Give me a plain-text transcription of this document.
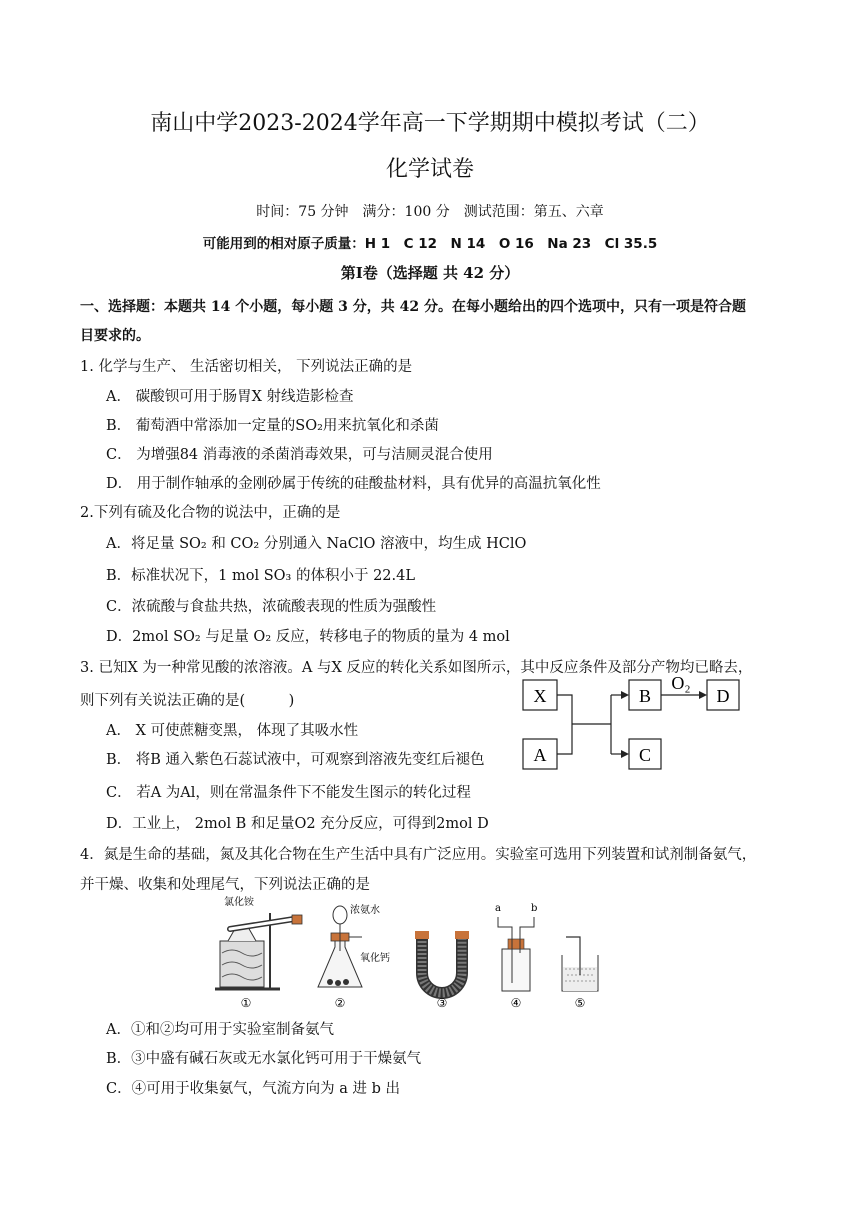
南山中学2023-2024学年高一下学期期中模拟考试（二）
化学试卷
时间：75 分钟　满分：100 分　测试范围：第五、六章
可能用到的相对原子质量：H 1　C 12　N 14　O 16　Na 23　Cl 35.5
第Ⅰ卷（选择题 共 42 分）
一、选择题：本题共 14 个小题，每小题 3 分，共 42 分。在每小题给出的四个选项中，只有一项是符合题
目要求的。
1. 化学与生产、 生活密切相关， 下列说法正确的是
A． 碳酸钡可用于肠胃X 射线造影检查
B． 葡萄酒中常添加一定量的SO₂用来抗氧化和杀菌
C． 为增强84 消毒液的杀菌消毒效果，可与洁厕灵混合使用
D． 用于制作轴承的金刚砂属于传统的硅酸盐材料，具有优异的高温抗氧化性
2.下列有硫及化合物的说法中，正确的是
A．将足量 SO₂ 和 CO₂ 分别通入 NaClO 溶液中，均生成 HClO
B．标准状况下，1 mol SO₃ 的体积小于 22.4L
C．浓硫酸与食盐共热，浓硫酸表现的性质为强酸性
D．2mol SO₂ 与足量 O₂ 反应，转移电子的物质的量为 4 mol
3. 已知X 为一种常见酸的浓溶液。A 与X 反应的转化关系如图所示，其中反应条件及部分产物均已略去，
则下列有关说法正确的是(　　　)
A． X 可使蔗糖变黑， 体现了其吸水性
B． 将B 通入紫色石蕊试液中，可观察到溶液先变红后褪色
C． 若A 为Al，则在常温条件下不能发生图示的转化过程
D．工业上， 2mol B 和足量O2 充分反应，可得到2mol D
X
A
B
C
D
O₂
4．氮是生命的基础，氮及其化合物在生产生活中具有广泛应用。实验室可选用下列装置和试剂制备氨气，
并干燥、收集和处理尾气，下列说法正确的是
氯化铵
①
浓氨水
氧化钙
②	③
a	b
④	⑤
A．①和②均可用于实验室制备氨气
B．③中盛有碱石灰或无水氯化钙可用于干燥氨气
C．④可用于收集氨气，气流方向为 a 进 b 出
